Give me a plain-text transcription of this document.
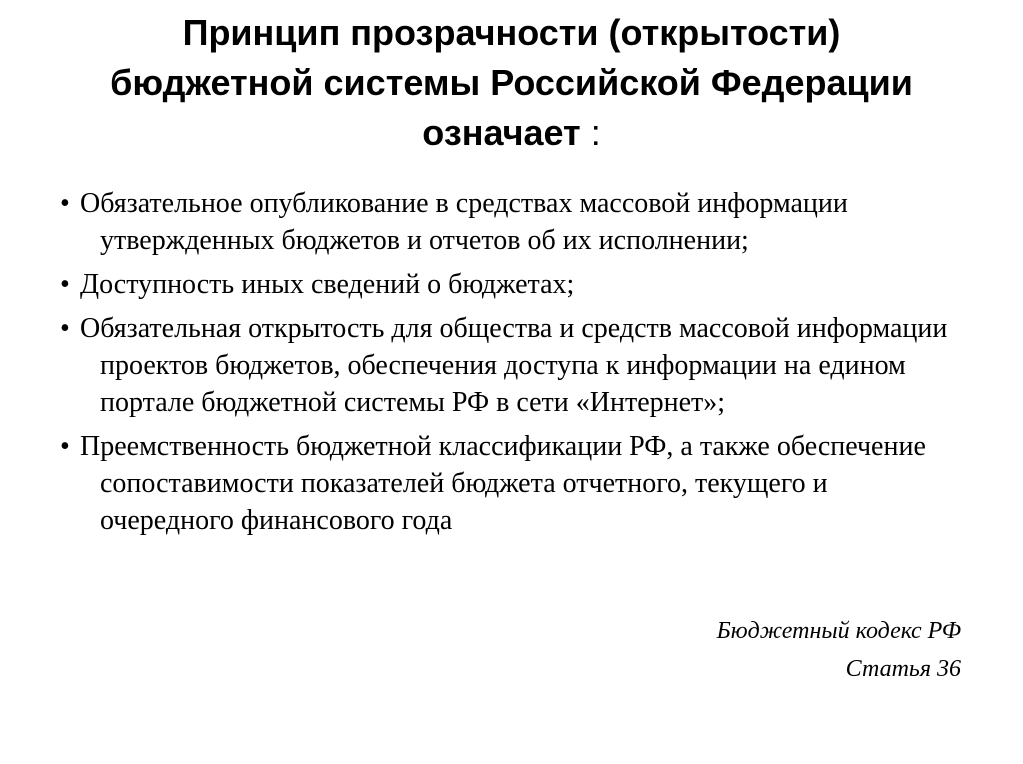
Принцип прозрачности (открытости)
бюджетной системы Российской Федерации
означает :
• Обязательное опубликование в средствах массовой информации утвержденных бюджетов и отчетов об их исполнении;
• Доступность иных сведений о бюджетах;
• Обязательная открытость для общества и средств массовой информации проектов бюджетов, обеспечения доступа к информации на едином портале бюджетной системы РФ в сети «Интернет»;
• Преемственность бюджетной классификации РФ, а также обеспечение сопоставимости показателей бюджета отчетного, текущего и очередного финансового года
Бюджетный кодекс РФ
Статья 36
